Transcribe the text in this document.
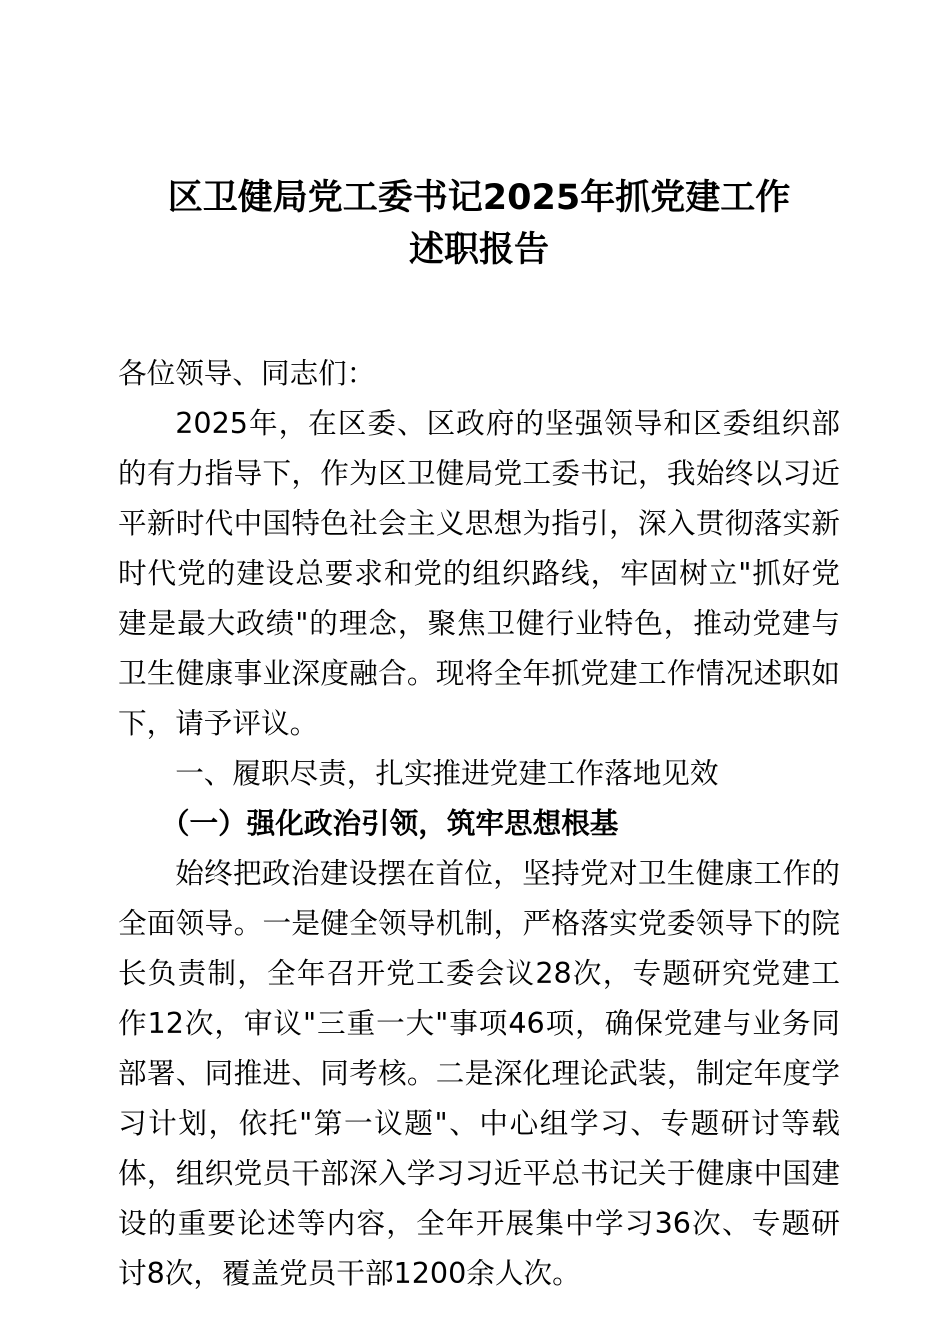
区卫健局党工委书记2025年抓党建工作
述职报告

各位领导、同志们：

2025年，在区委、区政府的坚强领导和区委组织部的有力指导下，作为区卫健局党工委书记，我始终以习近平新时代中国特色社会主义思想为指引，深入贯彻落实新时代党的建设总要求和党的组织路线，牢固树立"抓好党建是最大政绩"的理念，聚焦卫健行业特色，推动党建与卫生健康事业深度融合。现将全年抓党建工作情况述职如下，请予评议。

一、履职尽责，扎实推进党建工作落地见效

（一）强化政治引领，筑牢思想根基

始终把政治建设摆在首位，坚持党对卫生健康工作的全面领导。一是健全领导机制，严格落实党委领导下的院长负责制，全年召开党工委会议28次，专题研究党建工作12次，审议"三重一大"事项46项，确保党建与业务同部署、同推进、同考核。二是深化理论武装，制定年度学习计划，依托"第一议题"、中心组学习、专题研讨等载体，组织党员干部深入学习习近平总书记关于健康中国建设的重要论述等内容，全年开展集中学习36次、专题研讨8次，覆盖党员干部1200余人次。
